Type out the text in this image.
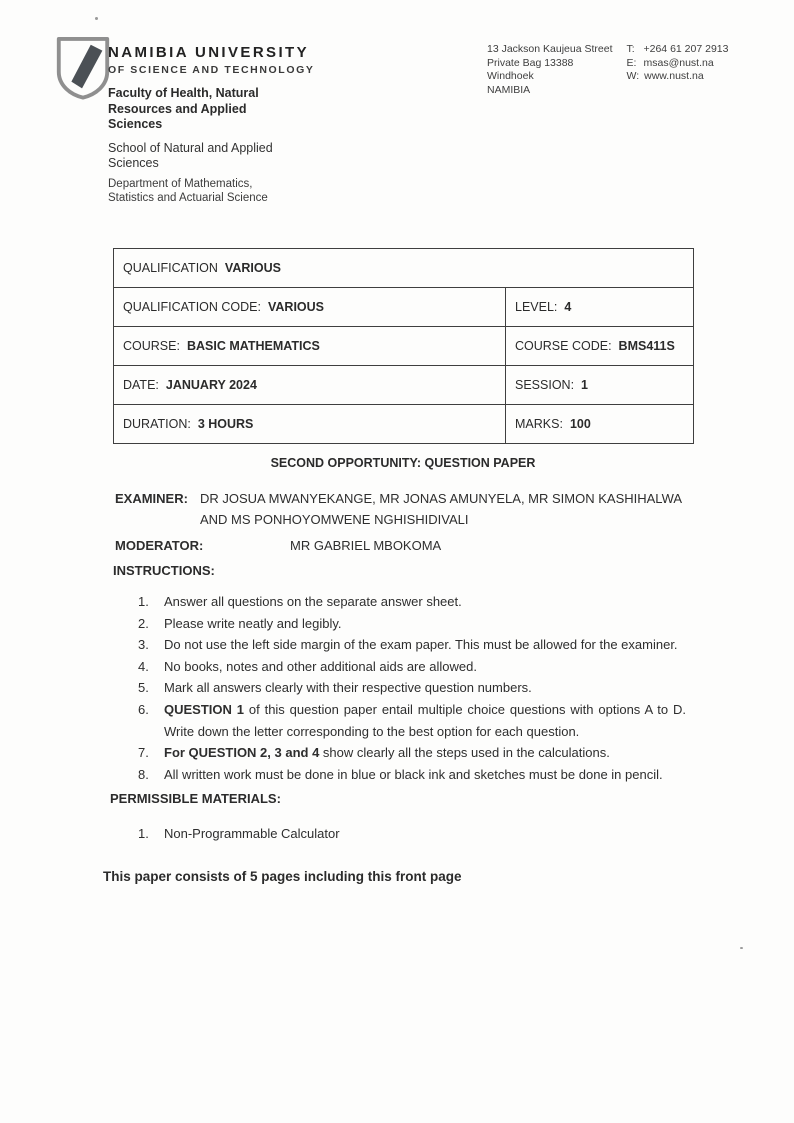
NAMIBIA UNIVERSITY
OF SCIENCE AND TECHNOLOGY
Faculty of Health, Natural Resources and Applied Sciences
School of Natural and Applied Sciences
Department of Mathematics, Statistics and Actuarial Science
13 Jackson Kaujeua Street
Private Bag 13388
Windhoek
NAMIBIA
T: +264 61 207 2913
E: msas@nust.na
W: www.nust.na
QUALIFICATION VARIOUS	
QUALIFICATION CODE: VARIOUS	LEVEL: 4
COURSE: BASIC MATHEMATICS	COURSE CODE: BMS411S
DATE: JANUARY 2024	SESSION: 1
DURATION: 3 HOURS	MARKS: 100
SECOND OPPORTUNITY: QUESTION PAPER
EXAMINER: DR JOSUA MWANYEKANGE, MR JONAS AMUNYELA, MR SIMON KASHIHALWA AND MS PONHOYOMWENE NGHISHIDIVALI
MODERATOR:	MR GABRIEL MBOKOMA
INSTRUCTIONS:
1.	Answer all questions on the separate answer sheet.
2.	Please write neatly and legibly.
3.	Do not use the left side margin of the exam paper. This must be allowed for the examiner.
4.	No books, notes and other additional aids are allowed.
5.	Mark all answers clearly with their respective question numbers.
6.	QUESTION 1 of this question paper entail multiple choice questions with options A to D. Write down the letter corresponding to the best option for each question.
7.	For QUESTION 2, 3 and 4 show clearly all the steps used in the calculations.
8.	All written work must be done in blue or black ink and sketches must be done in pencil.
PERMISSIBLE MATERIALS:
1.	Non-Programmable Calculator
This paper consists of 5 pages including this front page
